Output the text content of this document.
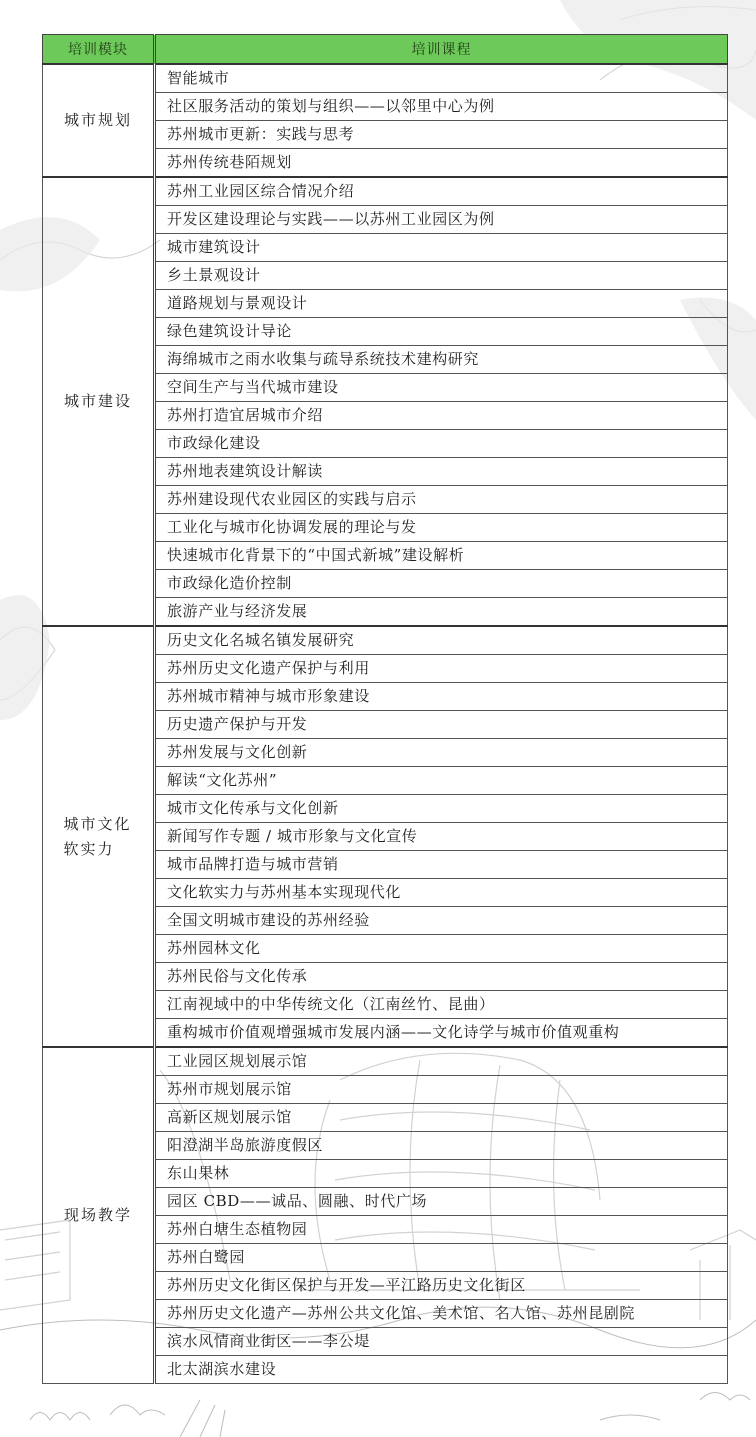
培训模块	培训课程
城市规划	智能城市
	社区服务活动的策划与组织——以邻里中心为例
	苏州城市更新：实践与思考
	苏州传统巷陌规划
城市建设	苏州工业园区综合情况介绍
	开发区建设理论与实践——以苏州工业园区为例
	城市建筑设计
	乡土景观设计
	道路规划与景观设计
	绿色建筑设计导论
	海绵城市之雨水收集与疏导系统技术建构研究
	空间生产与当代城市建设
	苏州打造宜居城市介绍
	市政绿化建设
	苏州地表建筑设计解读
	苏州建设现代农业园区的实践与启示
	工业化与城市化协调发展的理论与发
	快速城市化背景下的“中国式新城”建设解析
	市政绿化造价控制
	旅游产业与经济发展
城市文化软实力	历史文化名城名镇发展研究
	苏州历史文化遗产保护与利用
	苏州城市精神与城市形象建设
	历史遗产保护与开发
	苏州发展与文化创新
	解读“文化苏州”
	城市文化传承与文化创新
	新闻写作专题 / 城市形象与文化宣传
	城市品牌打造与城市营销
	文化软实力与苏州基本实现现代化
	全国文明城市建设的苏州经验
	苏州园林文化
	苏州民俗与文化传承
	江南视域中的中华传统文化（江南丝竹、昆曲）
	重构城市价值观增强城市发展内涵——文化诗学与城市价值观重构
现场教学	工业园区规划展示馆
	苏州市规划展示馆
	高新区规划展示馆
	阳澄湖半岛旅游度假区
	东山果林
	园区 CBD——诚品、圆融、时代广场
	苏州白塘生态植物园
	苏州白鹭园
	苏州历史文化街区保护与开发—平江路历史文化街区
	苏州历史文化遗产—苏州公共文化馆、美术馆、名人馆、苏州昆剧院
	滨水风情商业街区——李公堤
	北太湖滨水建设
